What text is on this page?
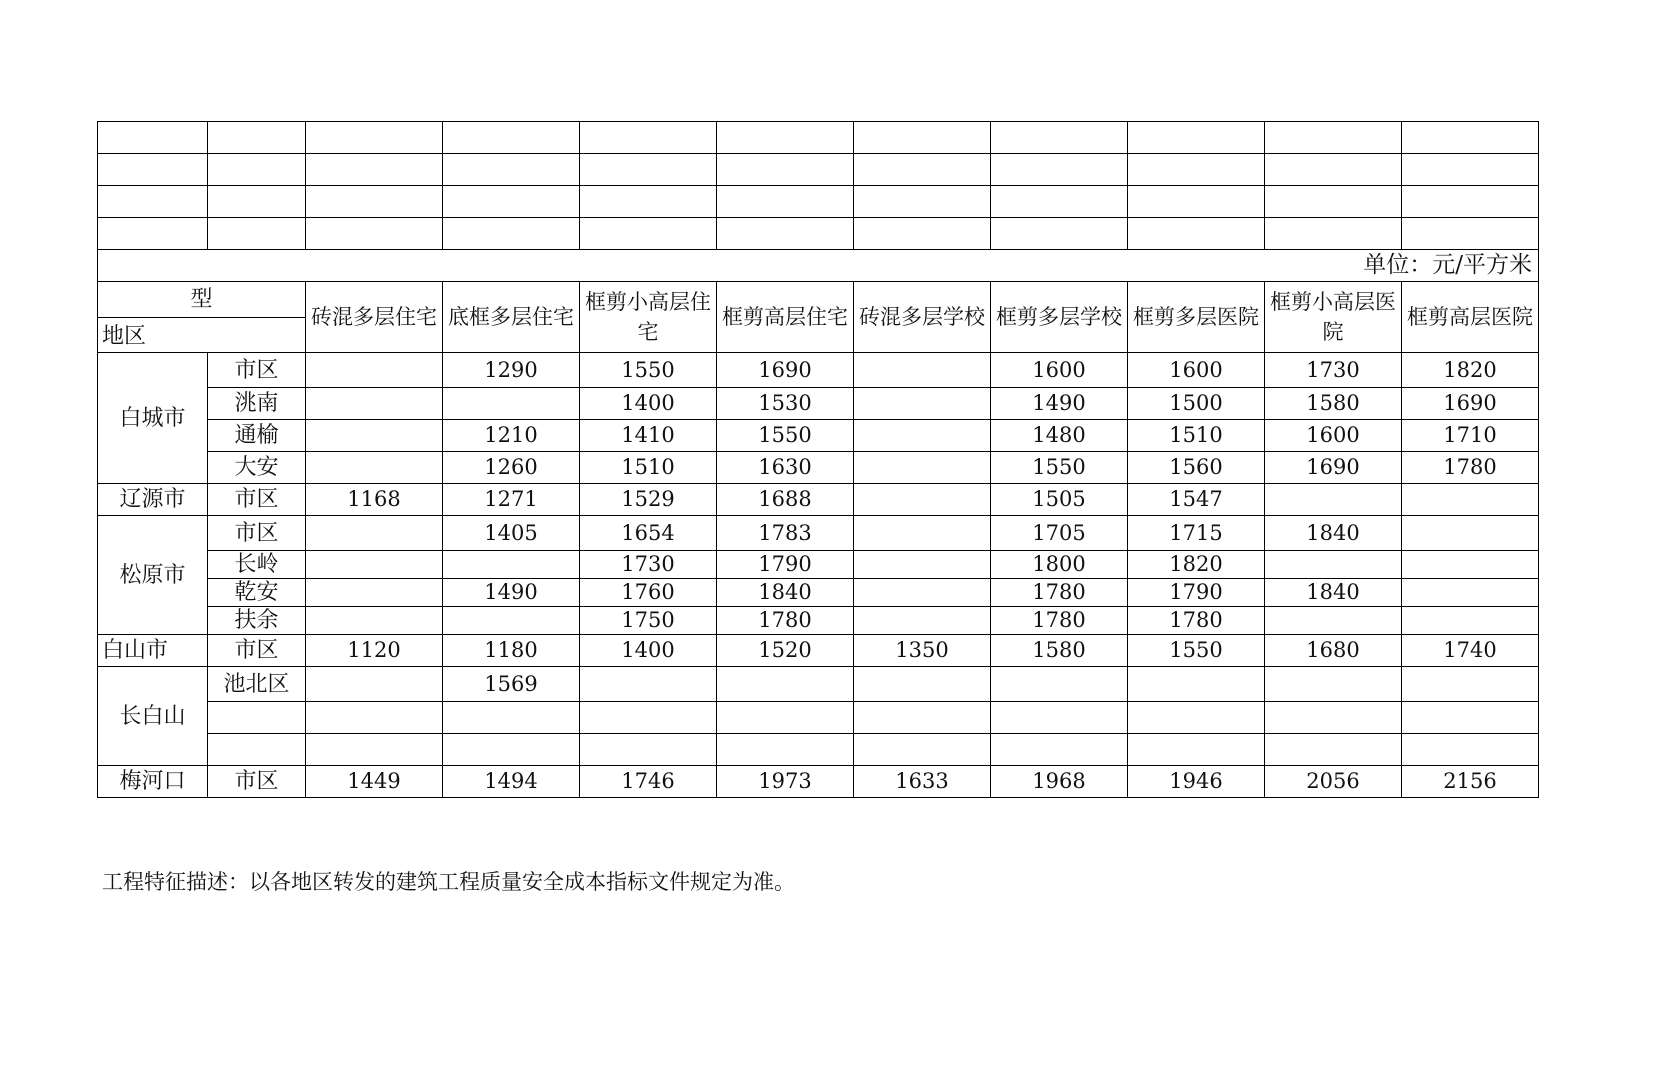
单位：元/平方米										

型
地区		砖混多层住宅	底框多层住宅	框剪小高层住宅	框剪高层住宅	砖混多层学校	框剪多层学校	框剪多层医院	框剪小高层医院	框剪高层医院
白城市	市区		1290	1550	1690		1600	1600	1730	1820
	洮南			1400	1530		1490	1500	1580	1690
	通榆		1210	1410	1550		1480	1510	1600	1710
	大安		1260	1510	1630		1550	1560	1690	1780
辽源市	市区	1168	1271	1529	1688		1505	1547		
松原市	市区		1405	1654	1783		1705	1715	1840	
	长岭			1730	1790		1800	1820		
	乾安		1490	1760	1840		1780	1790	1840	
	扶余			1750	1780		1780	1780		
白山市	市区	1120	1180	1400	1520	1350	1580	1550	1680	1740
长白山	池北区		1569							

梅河口	市区	1449	1494	1746	1973	1633	1968	1946	2056	2156
工程特征描述：以各地区转发的建筑工程质量安全成本指标文件规定为准。
